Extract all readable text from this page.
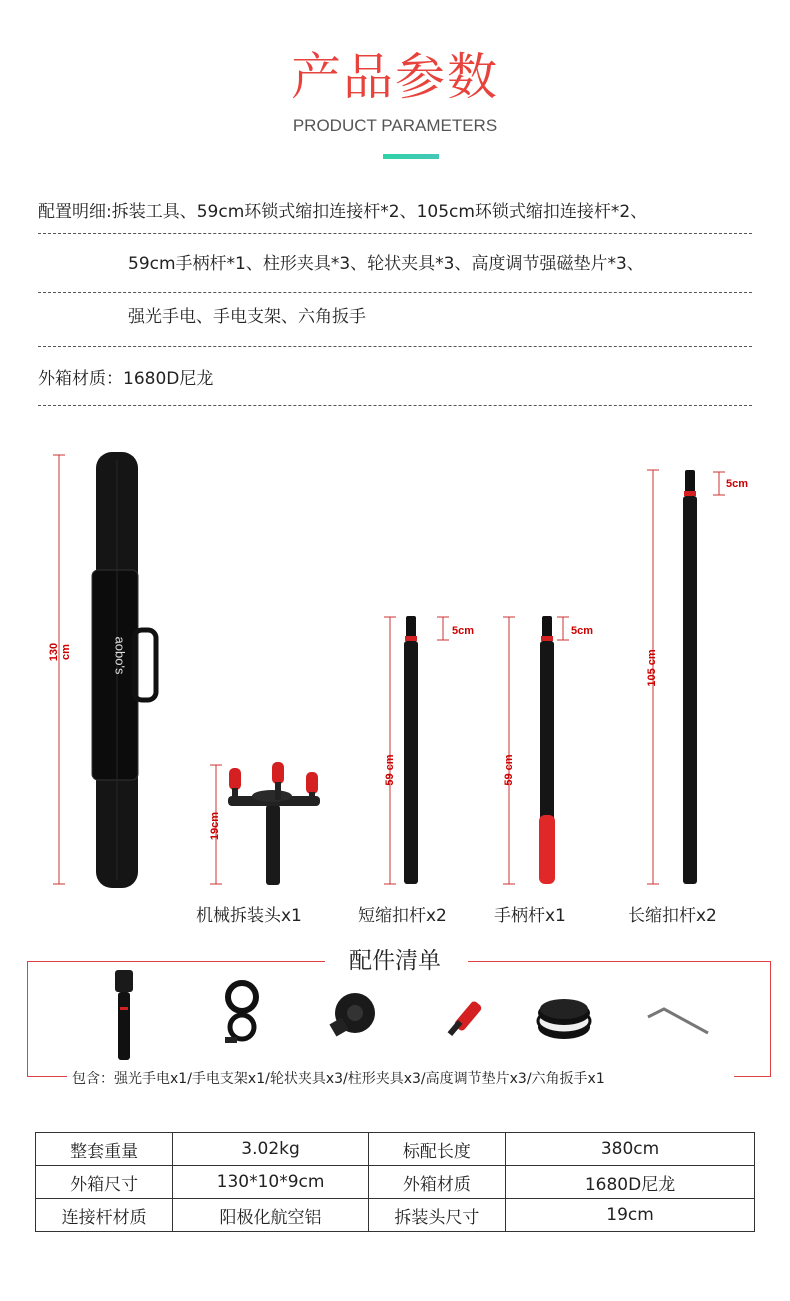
产品参数
PRODUCT PARAMETERS
配置明细:拆装工具、59cm环锁式缩扣连接杆*2、105cm环锁式缩扣连接杆*2、
59cm手柄杆*1、柱形夹具*3、轮状夹具*3、高度调节强磁垫片*3、
强光手电、手电支架、六角扳手
外箱材质：1680D尼龙
130 cm	aobo's
19cm
59 cm
5cm
59 cm
5cm
105 cm
5cm
机械拆装头x1	短缩扣杆x2	手柄杆x1	长缩扣杆x2
配件清单
包含：强光手电x1/手电支架x1/轮状夹具x3/柱形夹具x3/高度调节垫片x3/六角扳手x1
整套重量	3.02kg	标配长度	380cm
外箱尺寸	130*10*9cm	外箱材质	1680D尼龙
连接杆材质	阳极化航空铝	拆装头尺寸	19cm
